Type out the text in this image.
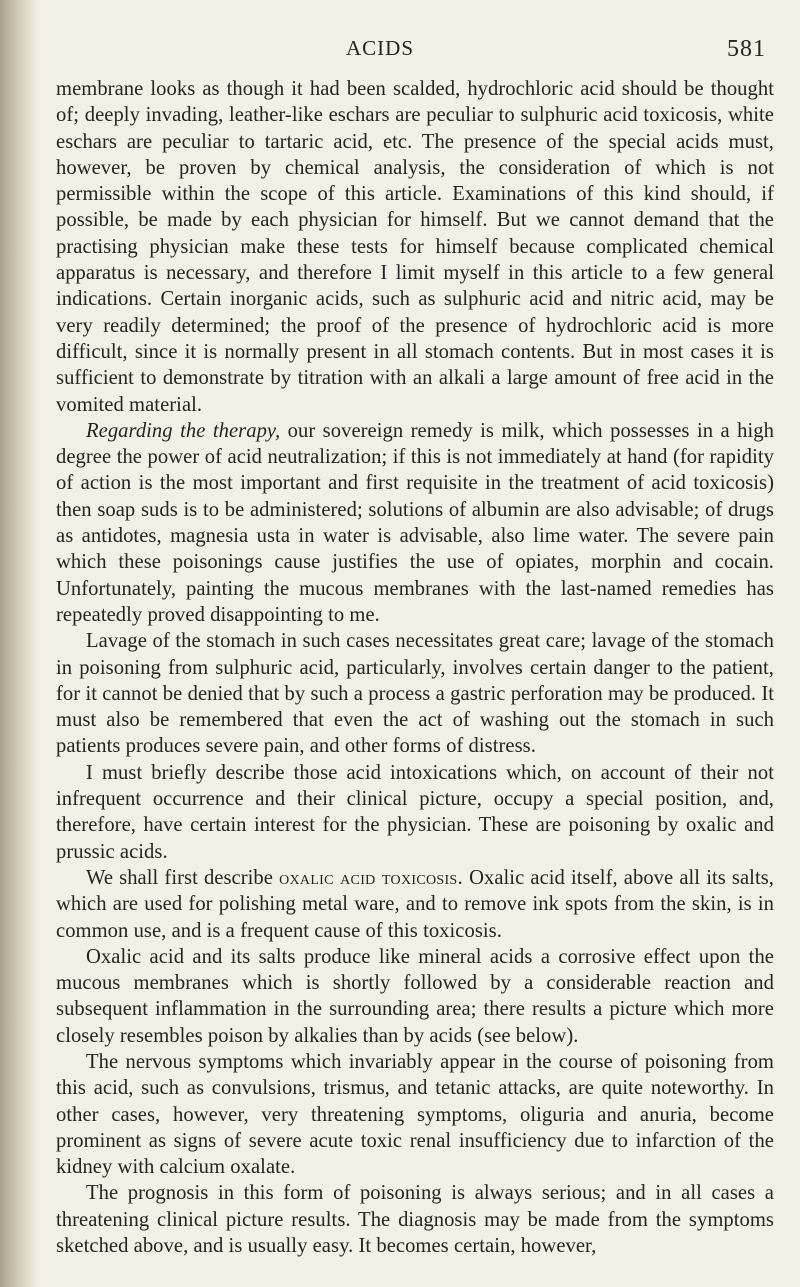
ACIDS	581

membrane looks as though it had been scalded, hydrochloric acid should be thought of; deeply invading, leather-like eschars are peculiar to sulphuric acid toxicosis, white eschars are peculiar to tartaric acid, etc. The presence of the special acids must, however, be proven by chemical analysis, the consideration of which is not permissible within the scope of this article. Examinations of this kind should, if possible, be made by each physician for himself. But we cannot demand that the practising physician make these tests for himself because complicated chemical apparatus is necessary, and therefore I limit myself in this article to a few general indications. Certain inorganic acids, such as sulphuric acid and nitric acid, may be very readily determined; the proof of the presence of hydrochloric acid is more difficult, since it is normally present in all stomach contents. But in most cases it is sufficient to demonstrate by titration with an alkali a large amount of free acid in the vomited material.

Regarding the therapy, our sovereign remedy is milk, which possesses in a high degree the power of acid neutralization; if this is not immediately at hand (for rapidity of action is the most important and first requisite in the treatment of acid toxicosis) then soap suds is to be administered; solutions of albumin are also advisable; of drugs as antidotes, magnesia usta in water is advisable, also lime water. The severe pain which these poisonings cause justifies the use of opiates, morphin and cocain. Unfortunately, painting the mucous membranes with the last-named remedies has repeatedly proved disappointing to me.

Lavage of the stomach in such cases necessitates great care; lavage of the stomach in poisoning from sulphuric acid, particularly, involves certain danger to the patient, for it cannot be denied that by such a process a gastric perforation may be produced. It must also be remembered that even the act of washing out the stomach in such patients produces severe pain, and other forms of distress.

I must briefly describe those acid intoxications which, on account of their not infrequent occurrence and their clinical picture, occupy a special position, and, therefore, have certain interest for the physician. These are poisoning by oxalic and prussic acids.

We shall first describe oxalic acid toxicosis. Oxalic acid itself, above all its salts, which are used for polishing metal ware, and to remove ink spots from the skin, is in common use, and is a frequent cause of this toxicosis.

Oxalic acid and its salts produce like mineral acids a corrosive effect upon the mucous membranes which is shortly followed by a considerable reaction and subsequent inflammation in the surrounding area; there results a picture which more closely resembles poison by alkalies than by acids (see below).

The nervous symptoms which invariably appear in the course of poisoning from this acid, such as convulsions, trismus, and tetanic attacks, are quite noteworthy. In other cases, however, very threatening symptoms, oliguria and anuria, become prominent as signs of severe acute toxic renal insufficiency due to infarction of the kidney with calcium oxalate.

The prognosis in this form of poisoning is always serious; and in all cases a threatening clinical picture results. The diagnosis may be made from the symptoms sketched above, and is usually easy. It becomes certain, however,
